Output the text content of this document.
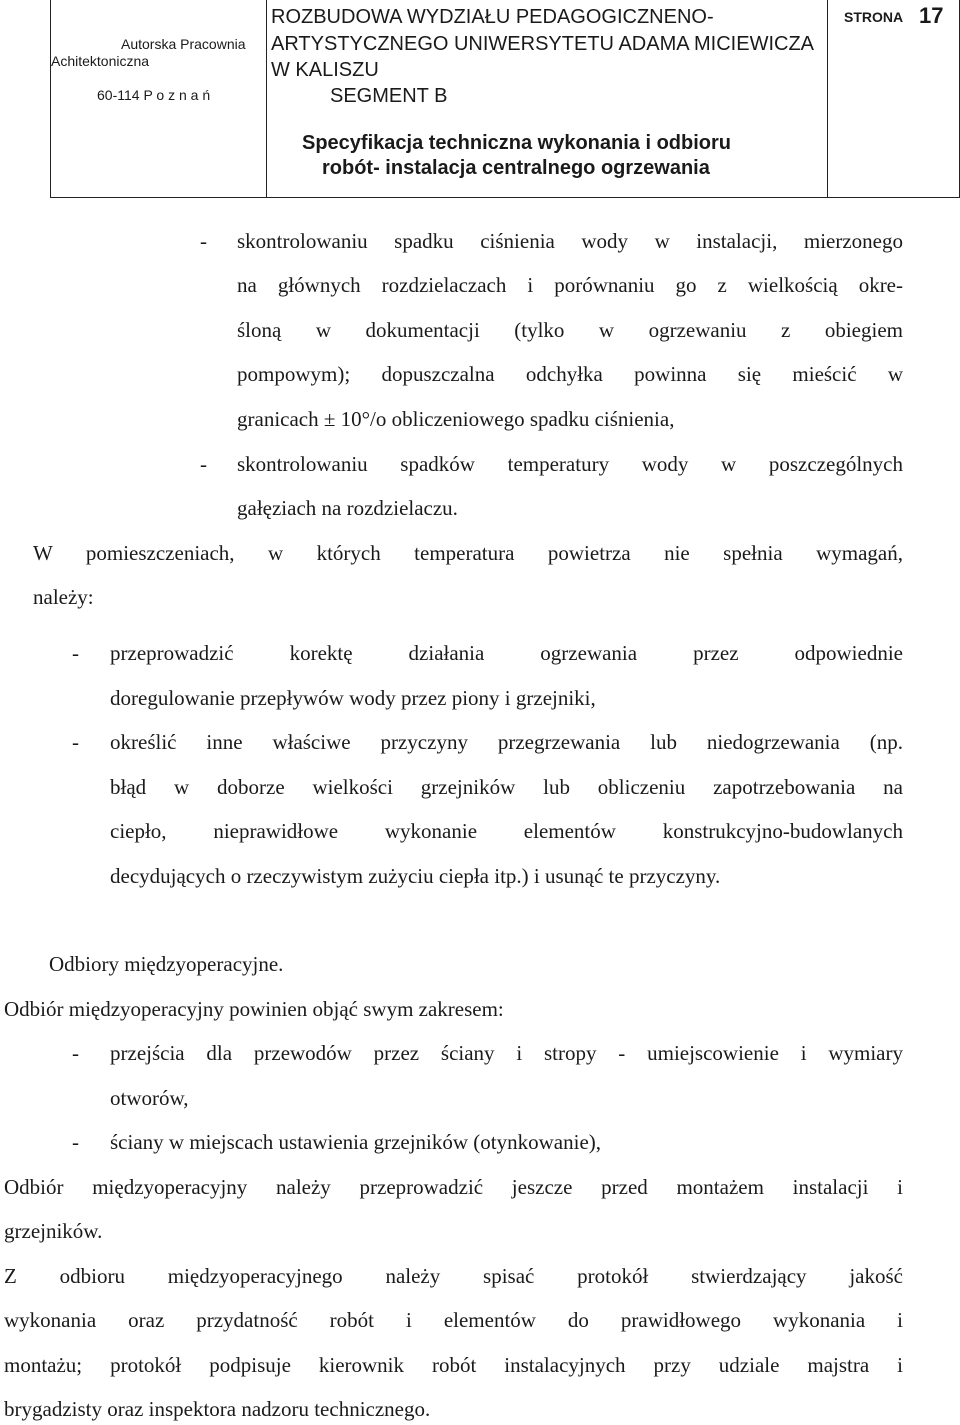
Autorska Pracownia
Achitektoniczna
60-114 P o z n a ń
ROZBUDOWA WYDZIAŁU PEDAGOGICZNENO-
ARTYSTYCZNEGO UNIWERSYTETU ADAMA MICIEWICZA
W KALISZU
SEGMENT B
Specyfikacja techniczna wykonania i odbioru
robót- instalacja centralnego ogrzewania
STRONA 17
- skontrolowaniu spadku ciśnienia wody w instalacji, mierzonego
na głównych rozdzielaczach i porównaniu go z wielkością okre-
śloną w dokumentacji (tylko w ogrzewaniu z obiegiem
pompowym); dopuszczalna odchyłka powinna się mieścić w
granicach ± 10°/o obliczeniowego spadku ciśnienia,
- skontrolowaniu spadków temperatury wody w poszczególnych
gałęziach na rozdzielaczu.
W pomieszczeniach, w których temperatura powietrza nie spełnia wymagań,
należy:
- przeprowadzić korektę działania ogrzewania przez odpowiednie
doregulowanie przepływów wody przez piony i grzejniki,
- określić inne właściwe przyczyny przegrzewania lub niedogrzewania (np.
błąd w doborze wielkości grzejników lub obliczeniu zapotrzebowania na
ciepło, nieprawidłowe wykonanie elementów konstrukcyjno-budowlanych
decydujących o rzeczywistym zużyciu ciepła itp.) i usunąć te przyczyny.
Odbiory międzyoperacyjne.
Odbiór międzyoperacyjny powinien objąć swym zakresem:
- przejścia dla przewodów przez ściany i stropy - umiejscowienie i wymiary
otworów,
- ściany w miejscach ustawienia grzejników (otynkowanie),
Odbiór międzyoperacyjny należy przeprowadzić jeszcze przed montażem instalacji i
grzejników.
Z odbioru międzyoperacyjnego należy spisać protokół stwierdzający jakość
wykonania oraz przydatność robót i elementów do prawidłowego wykonania i
montażu; protokół podpisuje kierownik robót instalacyjnych przy udziale majstra i
brygadzisty oraz inspektora nadzoru technicznego.
